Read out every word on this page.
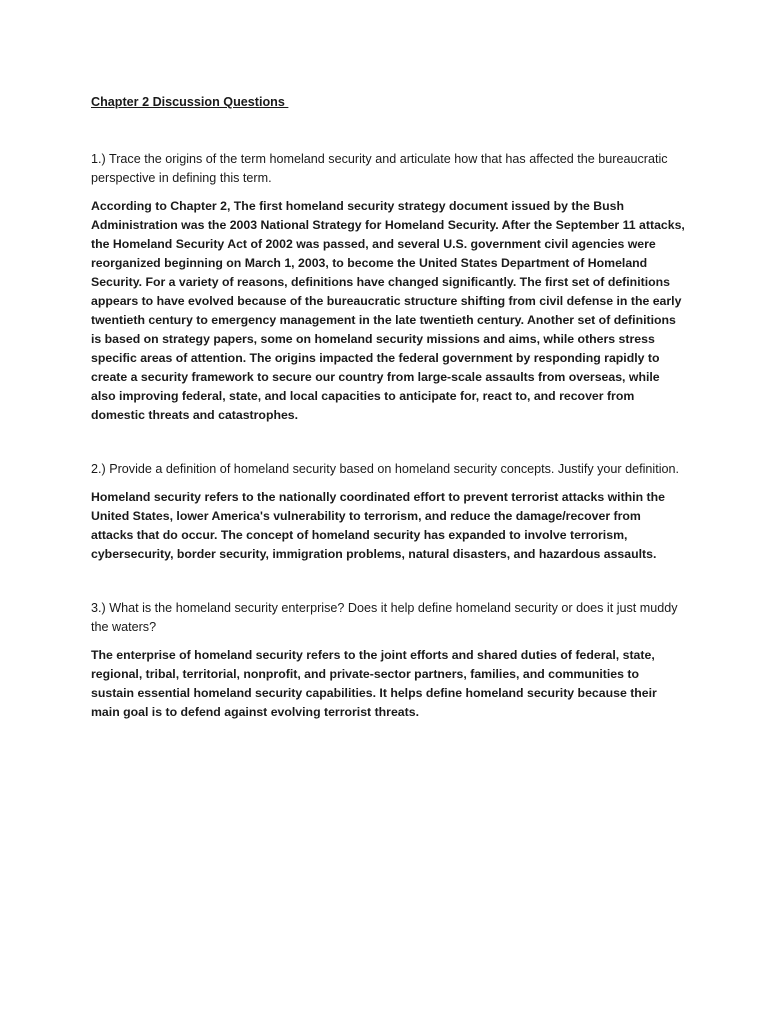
Chapter 2 Discussion Questions

1.) Trace the origins of the term homeland security and articulate how that has affected the bureaucratic perspective in defining this term.

According to Chapter 2, The first homeland security strategy document issued by the Bush Administration was the 2003 National Strategy for Homeland Security. After the September 11 attacks, the Homeland Security Act of 2002 was passed, and several U.S. government civil agencies were reorganized beginning on March 1, 2003, to become the United States Department of Homeland Security. For a variety of reasons, definitions have changed significantly. The first set of definitions appears to have evolved because of the bureaucratic structure shifting from civil defense in the early twentieth century to emergency management in the late twentieth century. Another set of definitions is based on strategy papers, some on homeland security missions and aims, while others stress specific areas of attention. The origins impacted the federal government by responding rapidly to create a security framework to secure our country from large-scale assaults from overseas, while also improving federal, state, and local capacities to anticipate for, react to, and recover from domestic threats and catastrophes.

2.) Provide a definition of homeland security based on homeland security concepts. Justify your definition.

Homeland security refers to the nationally coordinated effort to prevent terrorist attacks within the United States, lower America's vulnerability to terrorism, and reduce the damage/recover from attacks that do occur. The concept of homeland security has expanded to involve terrorism, cybersecurity, border security, immigration problems, natural disasters, and hazardous assaults.

3.) What is the homeland security enterprise? Does it help define homeland security or does it just muddy the waters?

The enterprise of homeland security refers to the joint efforts and shared duties of federal, state, regional, tribal, territorial, nonprofit, and private-sector partners, families, and communities to sustain essential homeland security capabilities. It helps define homeland security because their main goal is to defend against evolving terrorist threats.
